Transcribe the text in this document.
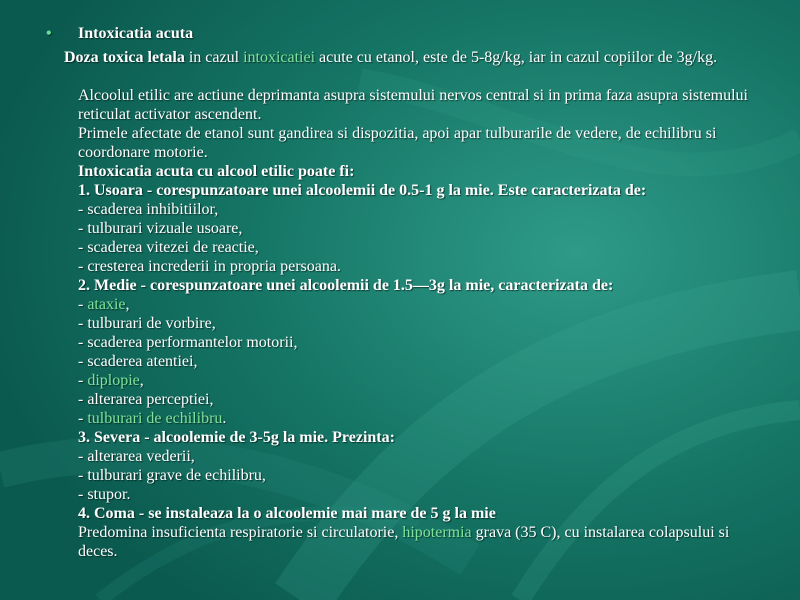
• Intoxicatia acuta

Doza toxica letala in cazul intoxicatiei acute cu etanol, este de 5-8g/kg, iar in cazul copiilor de 3g/kg.

Alcoolul etilic are actiune deprimanta asupra sistemului nervos central si in prima faza asupra sistemului reticulat activator ascendent.

Primele afectate de etanol sunt gandirea si dispozitia, apoi apar tulburarile de vedere, de echilibru si coordonare motorie.

Intoxicatia acuta cu alcool etilic poate fi:

1. Usoara - corespunzatoare unei alcoolemii de 0.5-1 g la mie. Este caracterizata de:

- scaderea inhibitiilor,

- tulburari vizuale usoare,

- scaderea vitezei de reactie,

- cresterea increderii in propria persoana.

2. Medie - corespunzatoare unei alcoolemii de 1.5—3g la mie, caracterizata de:

- ataxie,

- tulburari de vorbire,

- scaderea performantelor motorii,

- scaderea atentiei,

- diplopie,

- alterarea perceptiei,

- tulburari de echilibru.

3. Severa - alcoolemie de 3-5g la mie. Prezinta:

- alterarea vederii,

- tulburari grave de echilibru,

- stupor.

4. Coma - se instaleaza la o alcoolemie mai mare de 5 g la mie

Predomina insuficienta respiratorie si circulatorie, hipotermia grava (35 C), cu instalarea colapsului si deces.
